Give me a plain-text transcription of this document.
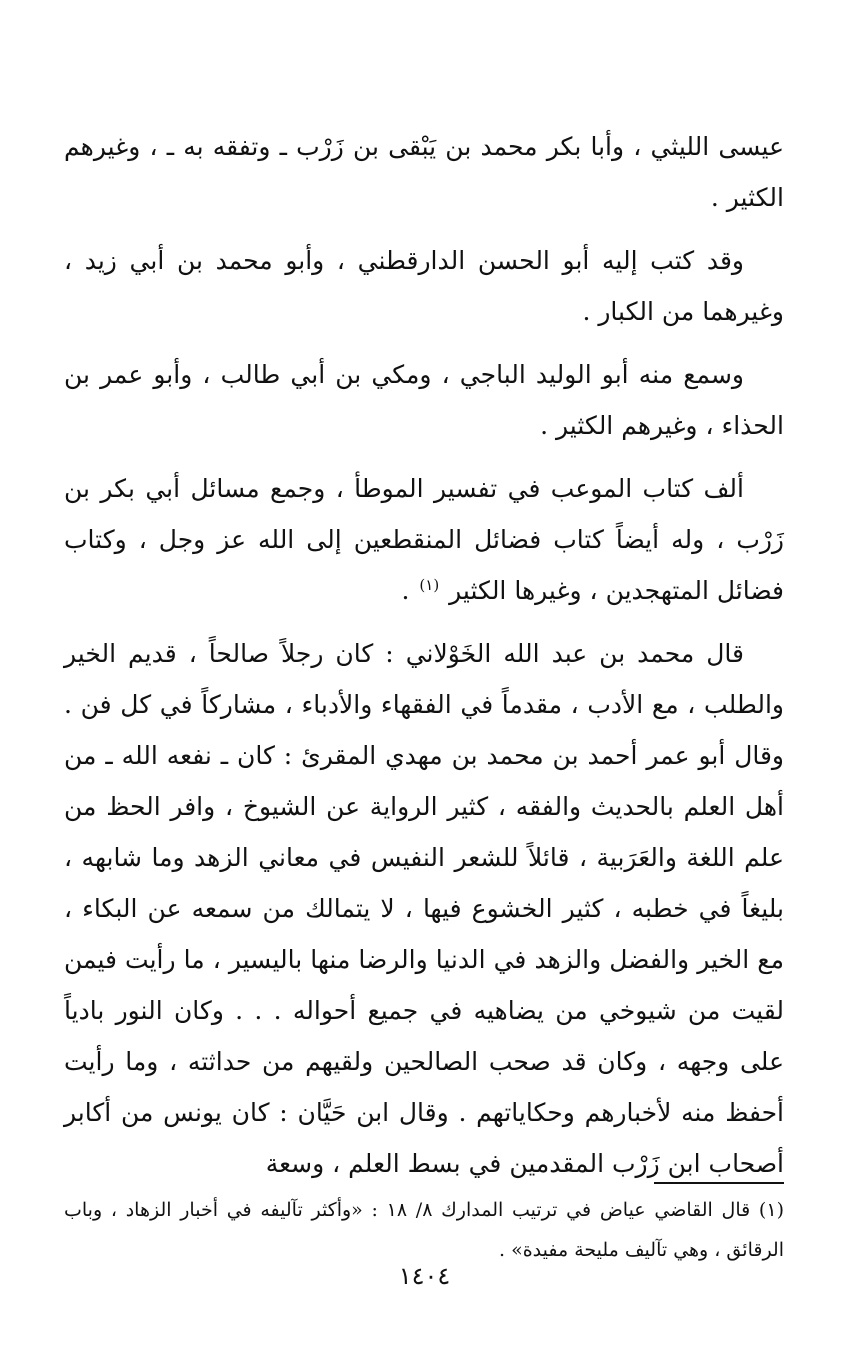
عيسى الليثي ، وأبا بكر محمد بن يَبْقى بن زَرْب ـ وتفقه به ـ ، وغيرهم الكثير .

وقد كتب إليه أبو الحسن الدارقطني ، وأبو محمد بن أبي زيد ، وغيرهما من الكبار .

وسمع منه أبو الوليد الباجي ، ومكي بن أبي طالب ، وأبو عمر بن الحذاء ، وغيرهم الكثير .

ألف كتاب الموعب في تفسير الموطأ ، وجمع مسائل أبي بكر بن زَرْب ، وله أيضاً كتاب فضائل المنقطعين إلى الله عز وجل ، وكتاب فضائل المتهجدين ، وغيرها الكثير $^{(١)}$ .

قال محمد بن عبد الله الخَوْلاني : كان رجلاً صالحاً ، قديم الخير والطلب ، مع الأدب ، مقدماً في الفقهاء والأدباء ، مشاركاً في كل فن . وقال أبو عمر أحمد بن محمد بن مهدي المقرئ : كان ـ نفعه الله ـ من أهل العلم بالحديث والفقه ، كثير الرواية عن الشيوخ ، وافر الحظ من علم اللغة والعَرَبية ، قائلاً للشعر النفيس في معاني الزهد وما شابهه ، بليغاً في خطبه ، كثير الخشوع فيها ، لا يتمالك من سمعه عن البكاء ، مع الخير والفضل والزهد في الدنيا والرضا منها باليسير ، ما رأيت فيمن لقيت من شيوخي من يضاهيه في جميع أحواله . . . وكان النور بادياً على وجهه ، وكان قد صحب الصالحين ولقيهم من حداثته ، وما رأيت أحفظ منه لأخبارهم وحكاياتهم . وقال ابن حَيَّان : كان يونس من أكابر أصحاب ابن زَرْب المقدمين في بسط العلم ، وسعة

(١) قال القاضي عياض في ترتيب المدارك ٨/ ١٨ : «وأكثر تآليفه في أخبار الزهاد ، وباب الرقائق ، وهي تآليف مليحة مفيدة» .

١٤٠٤
